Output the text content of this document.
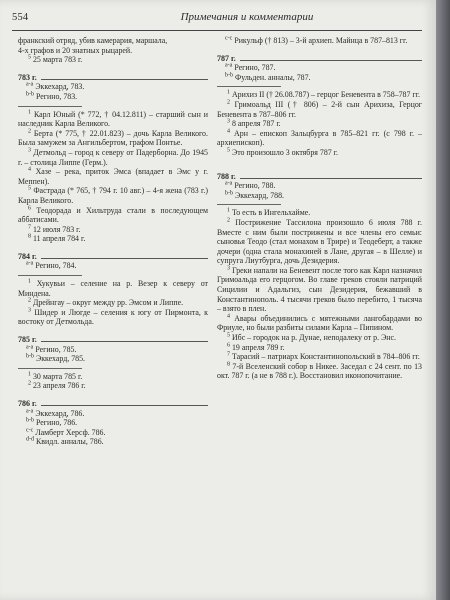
554	Примечания и комментарии

франкский отряд, убив камерария, маршала,

4-х графов и 20 знатных рыцарей.

$^5$ 25 марта 783 г.

783 г.
$^{a-a}$ Эккехард, 783.
$^{b-b}$ Регино, 783.

$^1$ Карл Юный (* 772, † 04.12.811) – старший сын и наследник Карла Великого.

$^2$ Берта (* 775, † 22.01.823) – дочь Карла Великого. Была замужем за Ангильбертом, графом Понтье.

$^3$ Детмольд – город к северу от Падерборна. До 1945 г. – столица Липпе (Герм.).

$^4$ Хазе – река, приток Эмса (впадает в Эмс у г. Меппен).

$^5$ Фастрада (* 765, † 794 г. 10 авг.) – 4-я жена (783 г.) Карла Великого.

$^6$ Теодорада и Хильтруда стали в последующем аббатисами.

$^7$ 12 июля 783 г.

$^8$ 11 апреля 784 г.

784 г.
$^{a-a}$ Регино, 784.

$^1$ Хукувьи – селение на р. Везер к северу от Миндена.

$^2$ Дрейнгау – округ между рр. Эмсом и Липпе.

$^3$ Шидер и Люгде – селения к югу от Пирмонта, к востоку от Детмольда.

785 г.
$^{a-a}$ Регино, 785.
$^{b-b}$ Эккехард, 785.

$^1$ 30 марта 785 г.

$^2$ 23 апреля 786 г.

786 г.
$^{a-a}$ Эккехард, 786.
$^{b-b}$ Регино, 786.
$^{c-c}$ Ламберт Херсф. 786.
$^{d-d}$ Квидл. анналы, 786.
$^{c-c}$ Рикульф († 813) – 3-й архиеп. Майнца в 787–813 гг.
787 г.
$^{a-a}$ Регино, 787.
$^{b-b}$ Фульден. анналы, 787.

$^1$ Арихиз II († 26.08.787) – герцог Беневента в 758–787 гг.

$^2$ Гримоальд III († 806) – 2-й сын Арихиза, Герцог Беневента в 787–806 гг.

$^3$ 8 апреля 787 г.

$^4$ Арн – епископ Зальцбурга в 785–821 гг. (с 798 г. – архиепископ).

$^5$ Это произошло 3 октября 787 г.

788 г.
$^{a-a}$ Регино, 788.
$^{b-b}$ Эккехард, 788.

$^1$ То есть в Ингельхайме.

$^2$ Пострижение Тассилона произошло 6 июля 788 г. Вместе с ним были пострижены и все члены его семьи: сыновья Теодо (стал монахом в Трире) и Теодеберт, а также дочери (одна стала монахиней в Лане, другая – в Шелле) и супруга Лиутбурга, дочь Дезидерия.

$^3$ Греки напали на Беневент после того как Карл назначил Гримоальда его герцогом. Во главе греков стояли патриций Сицилии и Адальгиз, сын Дезидерия, бежавший в Константинополь. 4 тысячи греков было перебито, 1 тысяча – взято в плен.

$^4$ Авары объединились с мятежными лангобардами во Фриуле, но были разбиты силами Карла – Пипином.

$^5$ Ибс – городок на р. Дунае, неподалеку от р. Энс.

$^6$ 19 апреля 789 г.

$^7$ Тарасий – патриарх Константинопольский в 784–806 гг.

$^8$ 7-й Вселенский собор в Никее. Заседал с 24 сент. по 13 окт. 787 г. (а не в 788 г.). Восстановил иконопочитание.
